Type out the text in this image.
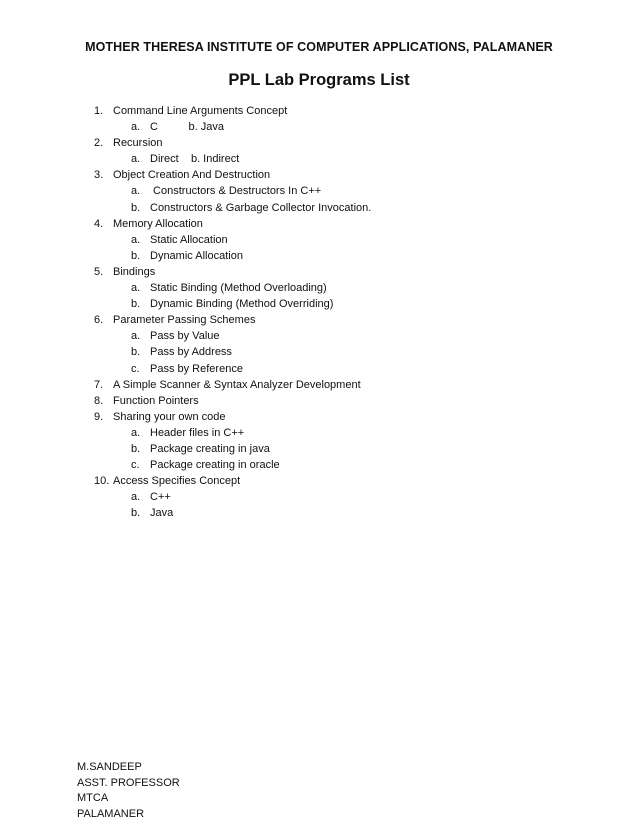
MOTHER THERESA INSTITUTE OF COMPUTER APPLICATIONS, PALAMANER
PPL Lab Programs List
1. Command Line Arguments Concept
a. C          b. Java
2. Recursion
a. Direct    b. Indirect
3. Object Creation And Destruction
a. Constructors & Destructors In C++
b. Constructors & Garbage Collector Invocation.
4. Memory Allocation
a. Static Allocation
b. Dynamic Allocation
5. Bindings
a. Static Binding (Method Overloading)
b. Dynamic Binding (Method Overriding)
6. Parameter Passing Schemes
a. Pass by Value
b. Pass by Address
c. Pass by Reference
7. A Simple Scanner & Syntax Analyzer Development
8. Function Pointers
9. Sharing your own code
a. Header files in C++
b. Package creating in java
c. Package creating in oracle
10. Access Specifies Concept
a. C++
b. Java
M.SANDEEP
ASST. PROFESSOR
MTCA
PALAMANER
